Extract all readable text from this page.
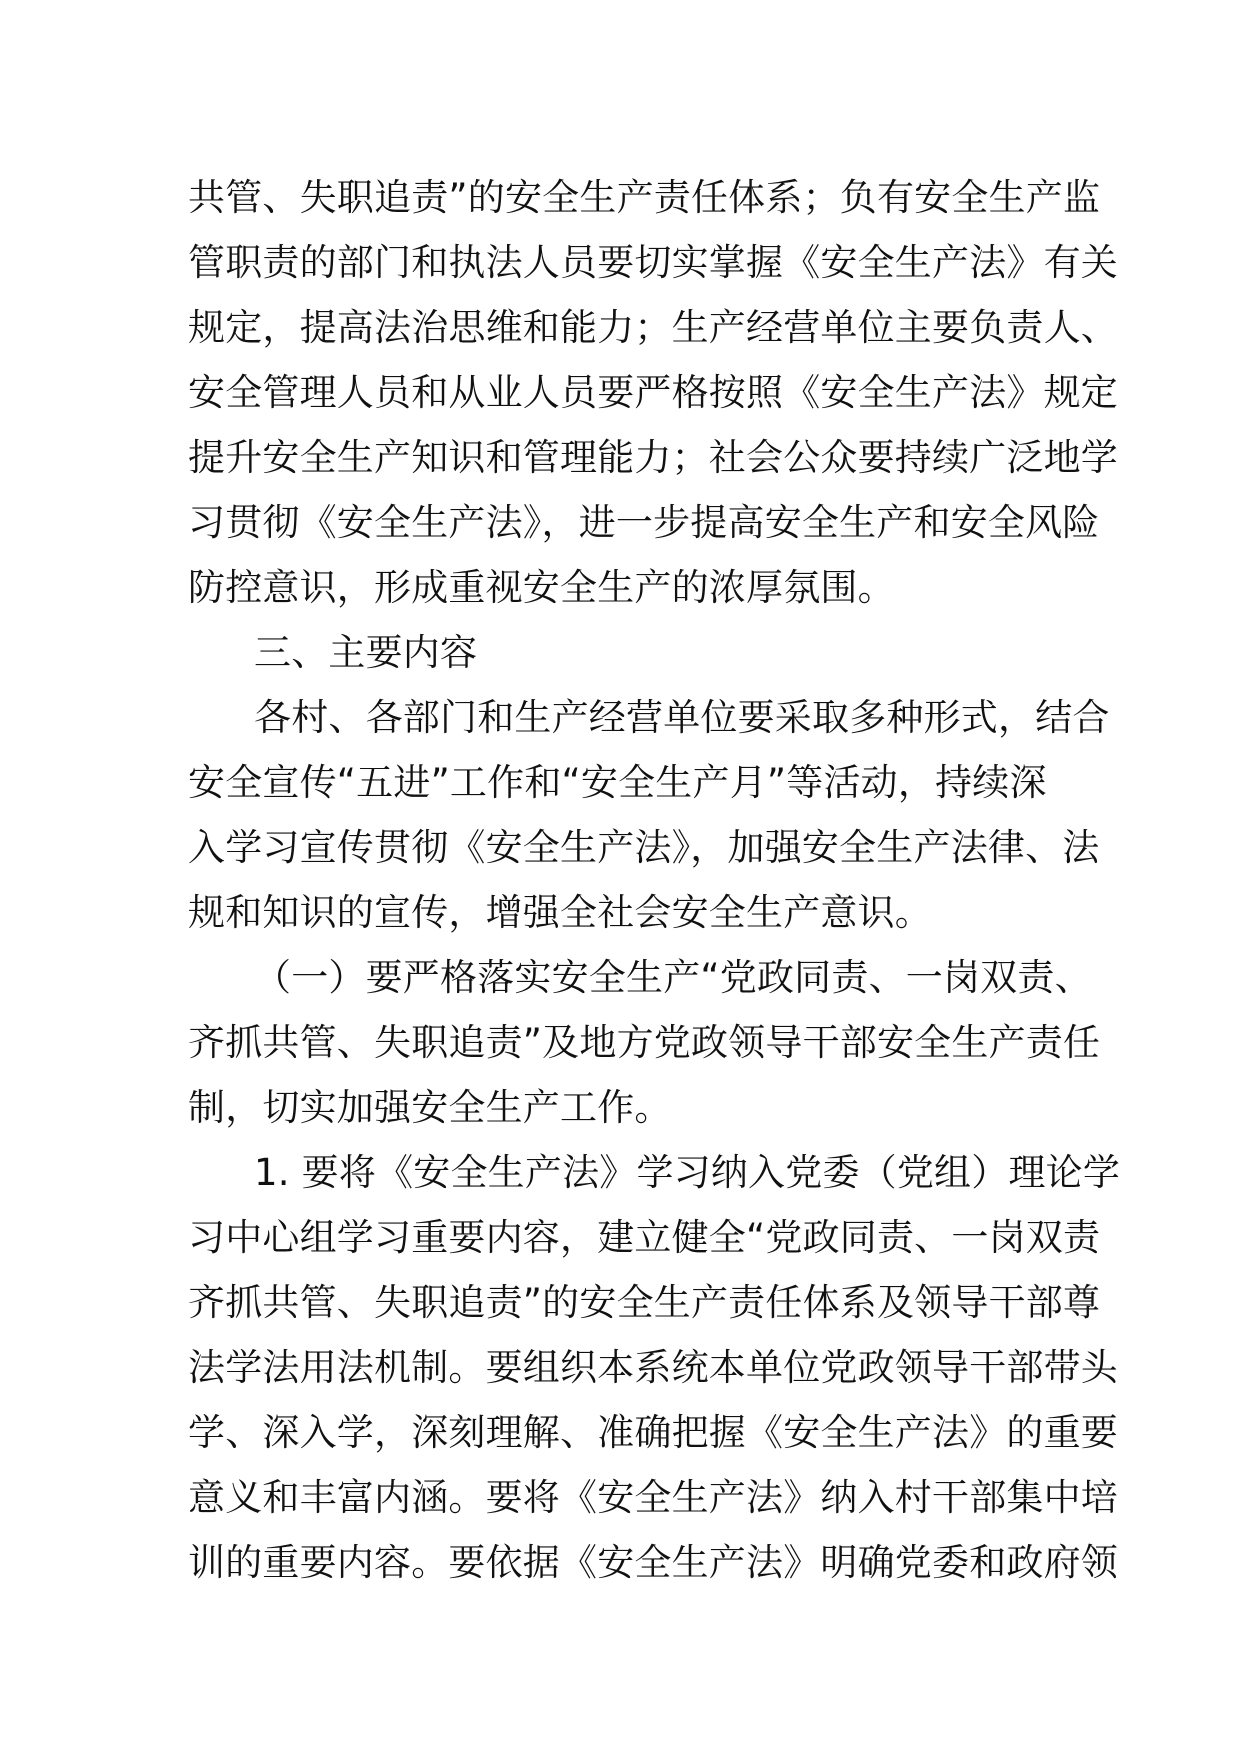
共管、失职追责”的安全生产责任体系；负有安全生产监
管职责的部门和执法人员要切实掌握《安全生产法》有关
规定，提高法治思维和能力；生产经营单位主要负责人、
安全管理人员和从业人员要严格按照《安全生产法》规定
提升安全生产知识和管理能力；社会公众要持续广泛地学
习贯彻《安全生产法》，进一步提高安全生产和安全风险
防控意识，形成重视安全生产的浓厚氛围。
三、主要内容
各村、各部门和生产经营单位要采取多种形式，结合
安全宣传“五进”工作和“安全生产月”等活动，持续深
入学习宣传贯彻《安全生产法》，加强安全生产法律、法
规和知识的宣传，增强全社会安全生产意识。
（一）要严格落实安全生产“党政同责、一岗双责、
齐抓共管、失职追责”及地方党政领导干部安全生产责任
制，切实加强安全生产工作。
1. 要将《安全生产法》学习纳入党委（党组）理论学
习中心组学习重要内容，建立健全“党政同责、一岗双责
齐抓共管、失职追责”的安全生产责任体系及领导干部尊
法学法用法机制。要组织本系统本单位党政领导干部带头
学、深入学，深刻理解、准确把握《安全生产法》的重要
意义和丰富内涵。要将《安全生产法》纳入村干部集中培
训的重要内容。要依据《安全生产法》明确党委和政府领
